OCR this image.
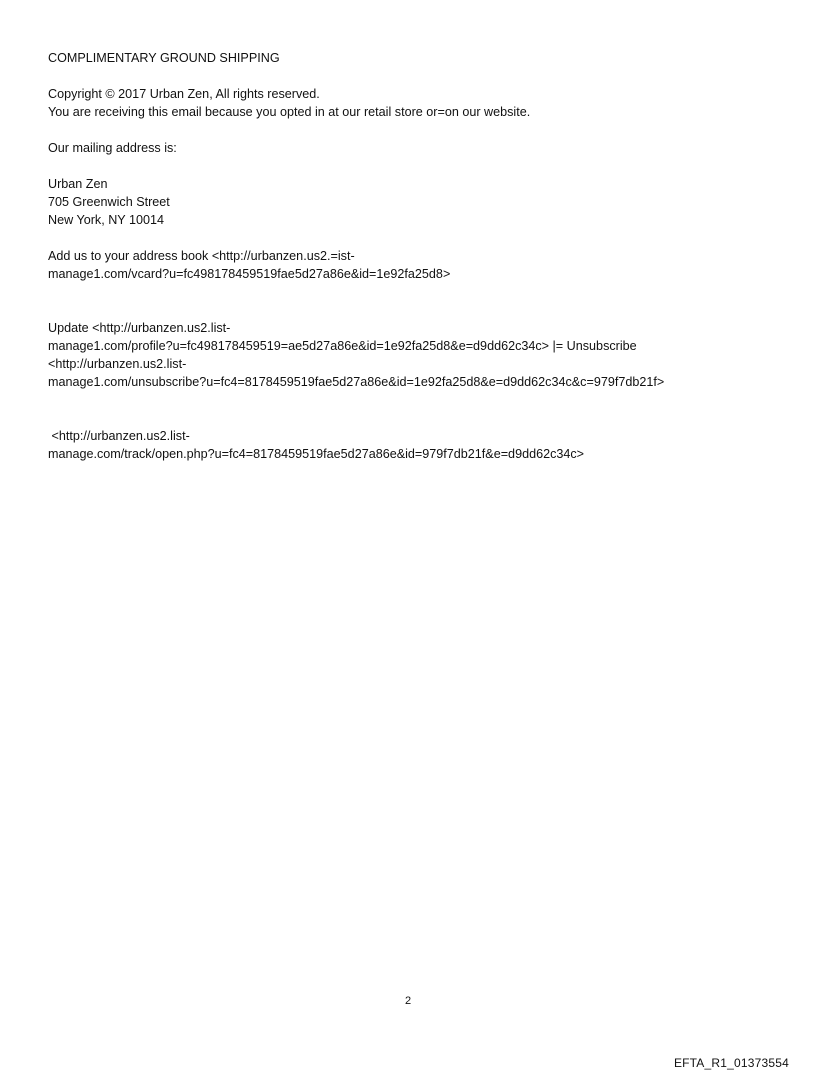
COMPLIMENTARY GROUND SHIPPING
Copyright © 2017 Urban Zen, All rights reserved.
You are receiving this email because you opted in at our retail store or=on our website.
Our mailing address is:
Urban Zen
705 Greenwich Street
New York, NY 10014
Add us to your address book <http://urbanzen.us2.=ist-
manage1.com/vcard?u=fc498178459519fae5d27a86e&id=1e92fa25d8>
Update <http://urbanzen.us2.list-
manage1.com/profile?u=fc498178459519=ae5d27a86e&id=1e92fa25d8&e=d9dd62c34c> |= Unsubscribe
<http://urbanzen.us2.list-
manage1.com/unsubscribe?u=fc4=8178459519fae5d27a86e&id=1e92fa25d8&e=d9dd62c34c&c=979f7db21f>
<http://urbanzen.us2.list-
manage.com/track/open.php?u=fc4=8178459519fae5d27a86e&id=979f7db21f&e=d9dd62c34c>
2
EFTA_R1_01373554
